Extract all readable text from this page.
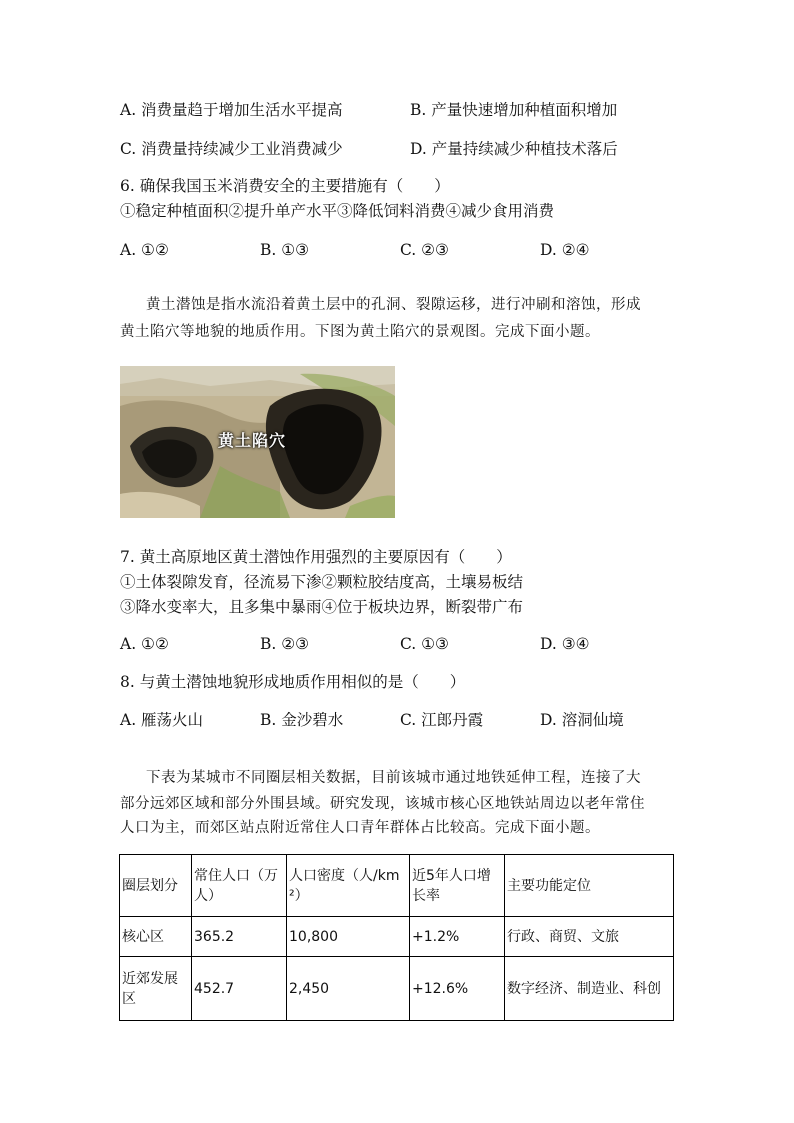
A. 消费量趋于增加生活水平提高	B. 产量快速增加种植面积增加
C. 消费量持续减少工业消费减少	D. 产量持续减少种植技术落后
6. 确保我国玉米消费安全的主要措施有（　　）
①稳定种植面积②提升单产水平③降低饲料消费④减少食用消费
A. ①②	B. ①③	C. ②③	D. ②④
黄土潜蚀是指水流沿着黄土层中的孔洞、裂隙运移，进行冲刷和溶蚀，形成
黄土陷穴等地貌的地质作用。下图为黄土陷穴的景观图。完成下面小题。
黄土陷穴
7. 黄土高原地区黄土潜蚀作用强烈的主要原因有（　　）
①土体裂隙发育，径流易下渗②颗粒胶结度高，土壤易板结
③降水变率大，且多集中暴雨④位于板块边界，断裂带广布
A. ①②	B. ②③	C. ①③	D. ③④
8. 与黄土潜蚀地貌形成地质作用相似的是（　　）
A. 雁荡火山	B. 金沙碧水	C. 江郎丹霞	D. 溶洞仙境
下表为某城市不同圈层相关数据，目前该城市通过地铁延伸工程，连接了大
部分远郊区域和部分外围县域。研究发现，该城市核心区地铁站周边以老年常住
人口为主，而郊区站点附近常住人口青年群体占比较高。完成下面小题。
圈层划分	常住人口（万人）	人口密度（人/km²）	近5年人口增长率	主要功能定位
核心区	365.2	10,800	+1.2%	行政、商贸、文旅
近郊发展区	452.7	2,450	+12.6%	数字经济、制造业、科创
